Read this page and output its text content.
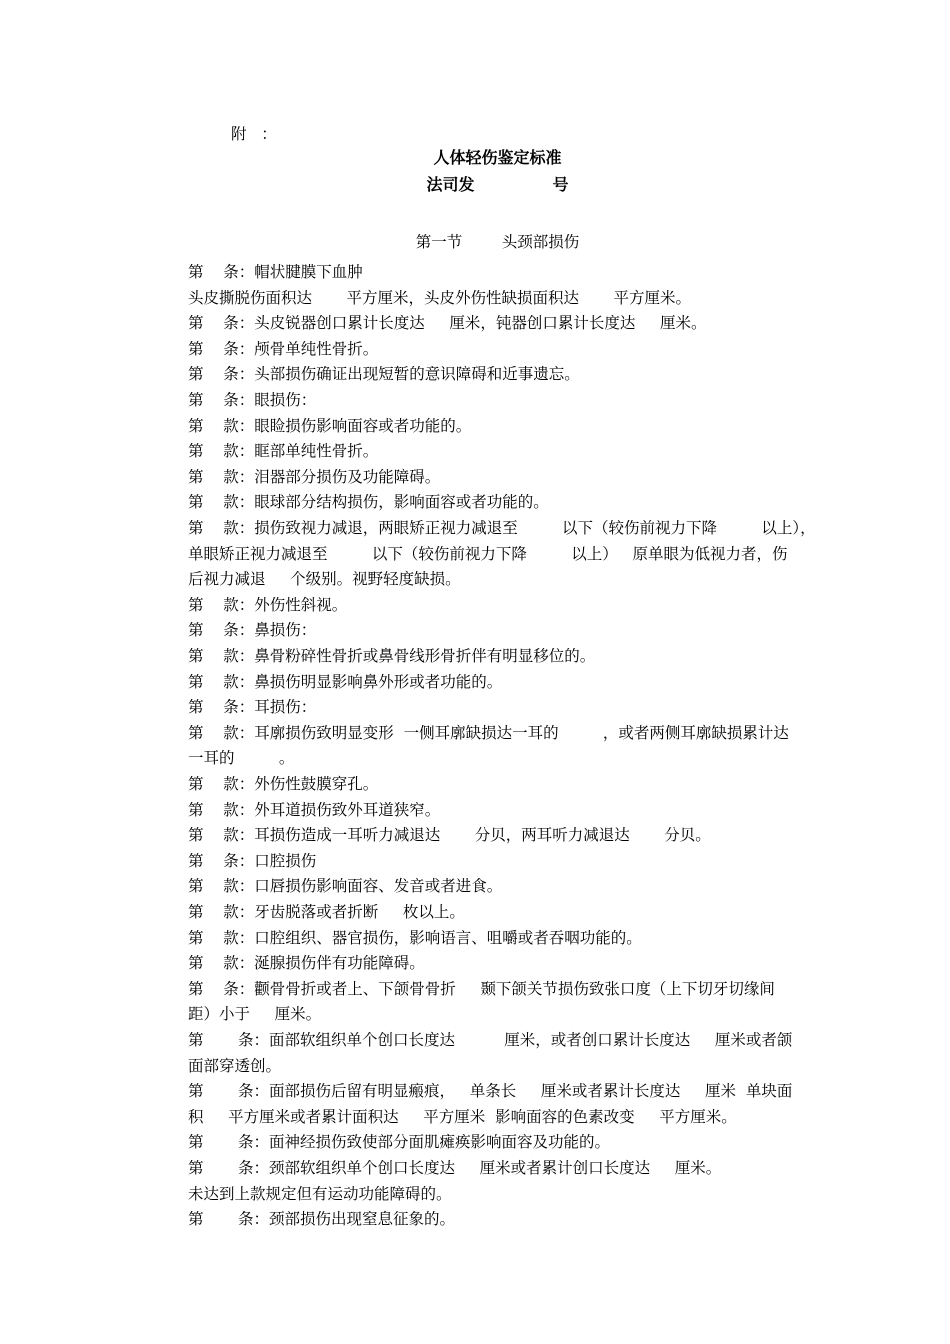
附   ：
人体轻伤鉴定标准
法司发              号
第一节        头颈部损伤
第    条：帽状腱膜下血肿
头皮撕脱伤面积达       平方厘米，头皮外伤性缺损面积达       平方厘米。
第    条：头皮锐器创口累计长度达     厘米，钝器创口累计长度达     厘米。
第    条：颅骨单纯性骨折。
第    条：头部损伤确证出现短暂的意识障碍和近事遗忘。
第    条：眼损伤：
第    款：眼睑损伤影响面容或者功能的。
第    款：眶部单纯性骨折。
第    款：泪器部分损伤及功能障碍。
第    款：眼球部分结构损伤，影响面容或者功能的。
第    款：损伤致视力减退，两眼矫正视力减退至         以下（较伤前视力下降         以上），
单眼矫正视力减退至         以下（较伤前视力下降         以上）   原单眼为低视力者，伤
后视力减退     个级别。视野轻度缺损。
第    款：外伤性斜视。
第    条：鼻损伤：
第    款：鼻骨粉碎性骨折或鼻骨线形骨折伴有明显移位的。
第    款：鼻损伤明显影响鼻外形或者功能的。
第    条：耳损伤：
第    款：耳廓损伤致明显变形  一侧耳廓缺损达一耳的         ，或者两侧耳廓缺损累计达
一耳的         。
第    款：外伤性鼓膜穿孔。
第    款：外耳道损伤致外耳道狭窄。
第    款：耳损伤造成一耳听力减退达       分贝，两耳听力减退达       分贝。
第    条：口腔损伤
第    款：口唇损伤影响面容、发音或者进食。
第    款：牙齿脱落或者折断     枚以上。
第    款：口腔组织、器官损伤，影响语言、咀嚼或者吞咽功能的。
第    款：涎腺损伤伴有功能障碍。
第    条：颧骨骨折或者上、下颌骨骨折     颞下颌关节损伤致张口度（上下切牙切缘间
距）小于     厘米。
第       条：面部软组织单个创口长度达          厘米，或者创口累计长度达     厘米或者颌
面部穿透创。
第       条：面部损伤后留有明显瘢痕，   单条长     厘米或者累计长度达     厘米  单块面
积     平方厘米或者累计面积达     平方厘米  影响面容的色素改变     平方厘米。
第       条：面神经损伤致使部分面肌瘫痪影响面容及功能的。
第       条：颈部软组织单个创口长度达     厘米或者累计创口长度达     厘米。
未达到上款规定但有运动功能障碍的。
第       条：颈部损伤出现窒息征象的。
